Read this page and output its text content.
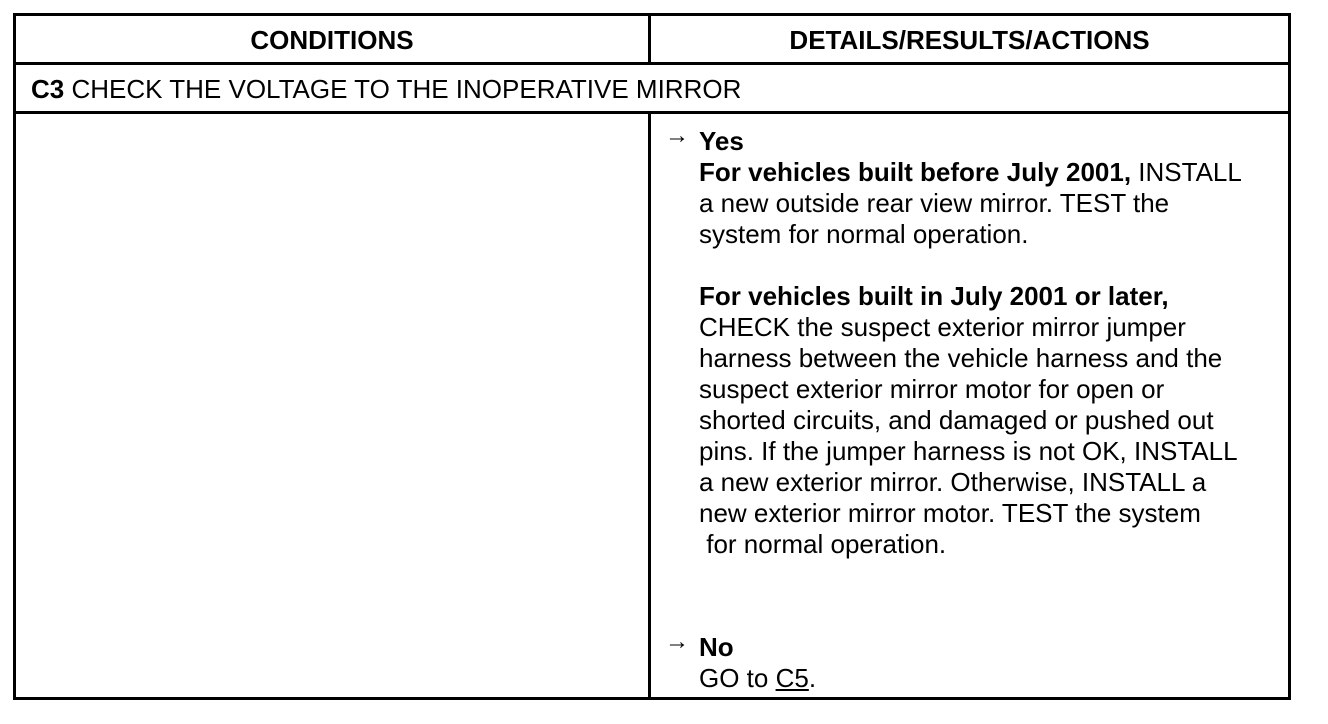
CONDITIONS	DETAILS/RESULTS/ACTIONS
C3 CHECK THE VOLTAGE TO THE INOPERATIVE MIRROR
→ Yes

For vehicles built before July 2001, INSTALL

a new outside rear view mirror. TEST the

system for normal operation.

For vehicles built in July 2001 or later,

CHECK the suspect exterior mirror jumper

harness between the vehicle harness and the

suspect exterior mirror motor for open or

shorted circuits, and damaged or pushed out

pins. If the jumper harness is not OK, INSTALL

a new exterior mirror. Otherwise, INSTALL a

new exterior mirror motor. TEST the system

for normal operation.

→ No

GO to C5.
